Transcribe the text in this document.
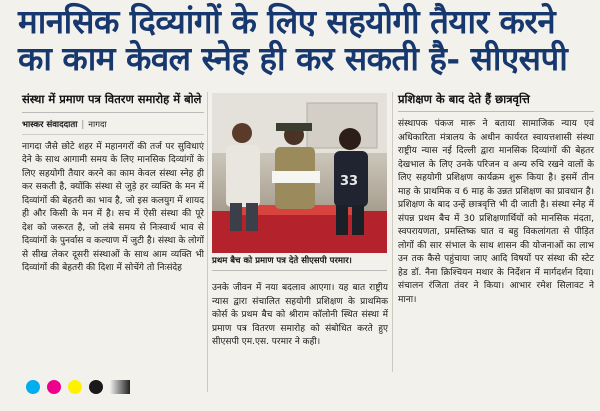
मानसिक दिव्यांगों के लिए सहयोगी तैयार करने
का काम केवल स्नेह ही कर सकती है- सीएसपी
संस्था में प्रमाण पत्र वितरण समारोह में बोले
भास्कर संवाददाता | नागदा
नागदा जैसे छोटे शहर में महानगरों की तर्ज पर सुविधाएं देने के साथ आगामी समय के लिए मानसिक दिव्यांगों के लिए सहयोगी तैयार करने का काम केवल संस्था स्नेह ही कर सकती है, क्योंकि संस्था से जुड़े हर व्यक्ति के मन में दिव्यांगों की बेहतरी का भाव है, जो इस कलयुग में शायद ही और किसी के मन में है। सच में ऐसी संस्था की पूरे देश को जरूरत है, जो लंबे समय से निःस्वार्थ भाव से दिव्यांगों के पुनर्वास व कल्याण में जुटी है। संस्था के लोगों से सीख लेकर दूसरी संस्थाओं के साथ आम व्यक्ति भी दिव्यांगों की बेहतरी की दिशा में सोचेंगे तो निःसंदेह
33
प्रथम बैच को प्रमाण पत्र देते सीएसपी परमार।
उनके जीवन में नया बदलाव आएगा। यह बात राष्ट्रीय न्यास द्वारा संचालित सहयोगी प्रशिक्षण के प्राथमिक कोर्स के प्रथम बैच को श्रीराम कॉलोनी स्थित संस्था में प्रमाण पत्र वितरण समारोह को संबोधित करते हुए सीएसपी एम.एस. परमार ने कही।
प्रशिक्षण के बाद देते हैं छात्रवृत्ति
संस्थापक पंकज मारू ने बताया सामाजिक न्याय एवं अधिकारिता मंत्रालय के अधीन कार्यरत स्वायत्तशासी संस्था राष्ट्रीय न्यास नई दिल्ली द्वारा मानसिक दिव्यांगों की बेहतर देखभाल के लिए उनके परिजन व अन्य रुचि रखने वालों के लिए सहयोगी प्रशिक्षण कार्यक्रम शुरू किया है। इसमें तीन माह के प्राथमिक व 6 माह के उन्नत प्रशिक्षण का प्रावधान है। प्रशिक्षण के बाद उन्हें छात्रवृत्ति भी दी जाती है। संस्था स्नेह में संपन्न प्रथम बैच में 30 प्रशिक्षणार्थियों को मानसिक मंदता, स्वपरायणता, प्रमस्तिष्क घात व बहु विकलांगता से पीड़ित लोगों की सार संभाल के साथ शासन की योजनाओं का लाभ उन तक कैसे पहुंचाया जाए आदि विषयों पर संस्था की स्टेट हेड डॉ. नैना क्रिश्चियन मथार के निर्देशन में मार्गदर्शन दिया। संचालन रंजिता तंवर ने किया। आभार रमेश सिलावट ने माना।
